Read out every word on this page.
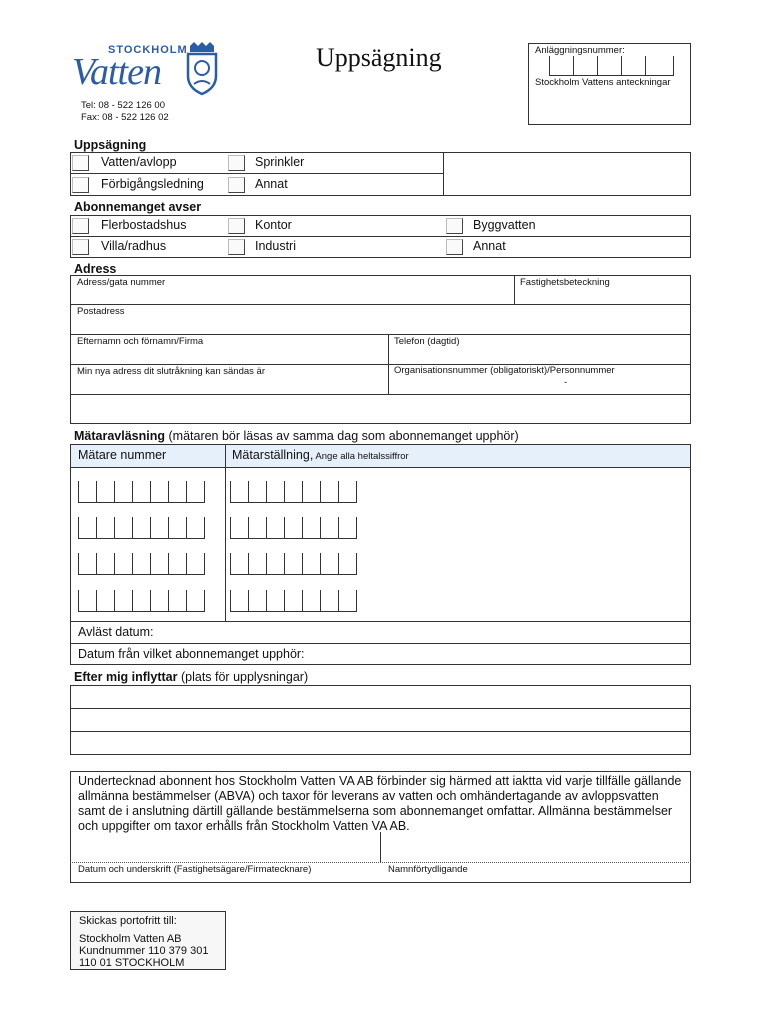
STOCKHOLM
Vatten
Tel: 08 - 522 126 00
Fax: 08 - 522 126 02
Uppsägning	Anläggningsnummer:
Stockholm Vattens anteckningar
Uppsägning
Vatten/avlopp	Sprinkler
Förbigångsledning	Annat
Abonnemanget avser
Flerbostadshus	Kontor	Byggvatten
Villa/radhus	Industri	Annat
Adress
Adress/gata nummer	Fastighetsbeteckning
Postadress
Efternamn och förnamn/Firma	Telefon (dagtid)
Min nya adress dit slutråkning kan sändas är	Organisationsnummer (obligatoriskt)/Personnummer
-
Mätaravläsning (mätaren bör läsas av samma dag som abonnemanget upphör)
Mätare nummer	Mätarställning, Ange alla heltalssiffror
Avläst datum:
Datum från vilket abonnemanget upphör:
Efter mig inflyttar (plats för upplysningar)
Undertecknad abonnent hos Stockholm Vatten VA AB förbinder sig härmed att iaktta vid varje tillfälle gällande allmänna bestämmelser (ABVA) och taxor för leverans av vatten och omhändertagande av avloppsvatten samt de i anslutning därtill gällande bestämmelserna som abonnemanget omfattar. Allmänna bestämmelser och uppgifter om taxor erhålls från Stockholm Vatten VA AB.
Datum och underskrift (Fastighetsägare/Firmatecknare)	Namnförtydligande
Skickas portofritt till:
Stockholm Vatten AB
Kundnummer 110 379 301
110 01 STOCKHOLM
